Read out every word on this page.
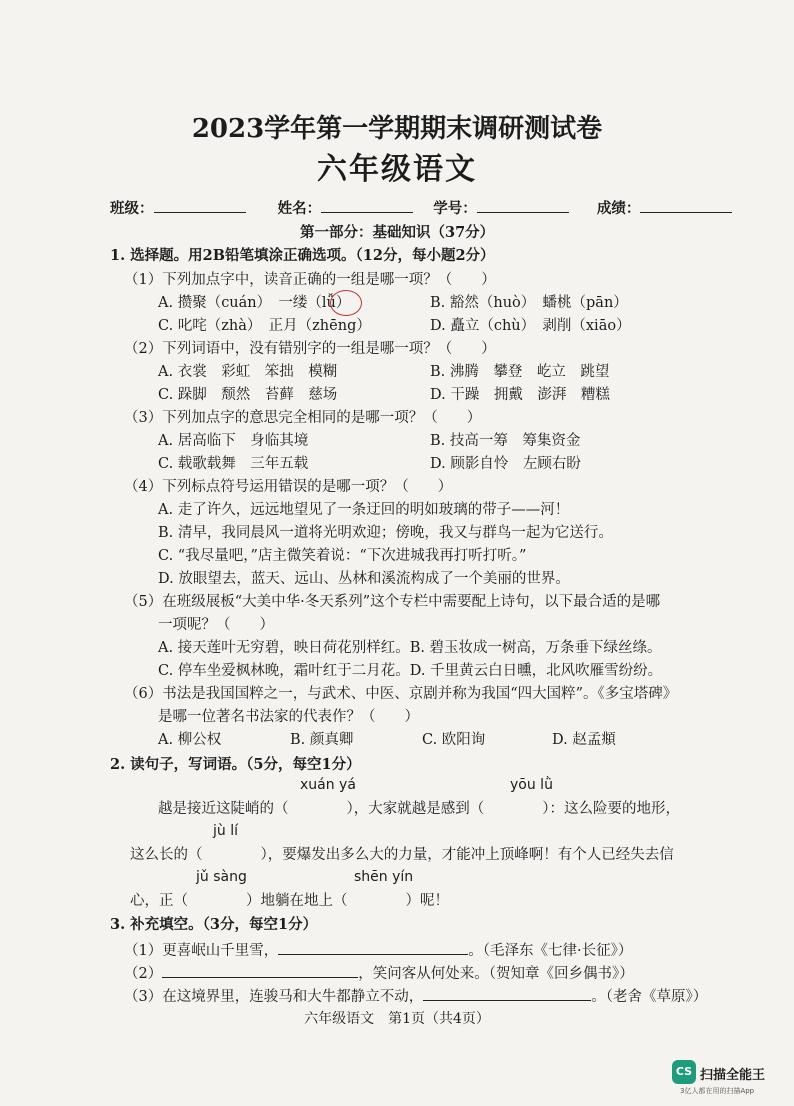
2023学年第一学期期末调研测试卷
六年级语文
班级：	姓名：	学号：	成绩：
第一部分：基础知识（37分）
1. 选择题。用2B铅笔填涂正确选项。（12分，每小题2分）
（1）下列加点字中，读音正确的一组是哪一项？（　　）
A. 攒聚（cuán）　一缕（lǚ）	B. 豁然（huò）　蟠桃（pān）
C. 叱咤（zhà）　正月（zhēng）	D. 矗立（chù）　剥削（xiāo）
（2）下列词语中，没有错别字的一组是哪一项？（　　）
A. 衣裳　彩虹　笨拙　模糊	B. 沸腾　攀登　屹立　跳望
C. 跺脚　颓然　苔藓　慈场	D. 干躁　拥戴　澎湃　糟糕
（3）下列加点字的意思完全相同的是哪一项？（　　）
A. 居高临下　身临其境	B. 技高一筹　筹集资金
C. 载歌载舞　三年五载	D. 顾影自怜　左顾右盼
（4）下列标点符号运用错误的是哪一项？（　　）
A. 走了许久，远远地望见了一条迂回的明如玻璃的带子——河！
B. 清早，我同晨风一道将光明欢迎；傍晚，我又与群鸟一起为它送行。
C. “我尽量吧，”店主微笑着说：“下次进城我再打听打听。”
D. 放眼望去，蓝天、远山、丛林和溪流构成了一个美丽的世界。
（5）在班级展板“大美中华·冬天系列”这个专栏中需要配上诗句，以下最合适的是哪
一项呢？（　　）
A. 接天莲叶无穷碧，映日荷花别样红。B. 碧玉妆成一树高，万条垂下绿丝绦。
C. 停车坐爱枫林晚，霜叶红于二月花。D. 千里黄云白日曛，北风吹雁雪纷纷。
（6）书法是我国国粹之一，与武术、中医、京剧并称为我国“四大国粹”。《多宝塔碑》
是哪一位著名书法家的代表作？（　　）
A. 柳公权	B. 颜真卿	C. 欧阳询	D. 赵孟頫
2. 读句子，写词语。（5分，每空1分）
xuán yá	yōu lǜ
越是接近这陡峭的（　　　　），大家就越是感到（　　　　）：这么险要的地形，
jù lí
这么长的（　　　　），要爆发出多么大的力量，才能冲上顶峰啊！有个人已经失去信
jǔ sàng	shēn yín
心，正（　　　　）地躺在地上（　　　　）呢！
3. 补充填空。（3分，每空1分）
（1）更喜岷山千里雪，	。（毛泽东《七律·长征》）
（2）	，笑问客从何处来。（贺知章《回乡偶书》）
（3）在这境界里，连骏马和大牛都静立不动，	。（老舍《草原》）
六年级语文　第1页（共4页）
CS 扫描全能王
3亿人都在用的扫描App
